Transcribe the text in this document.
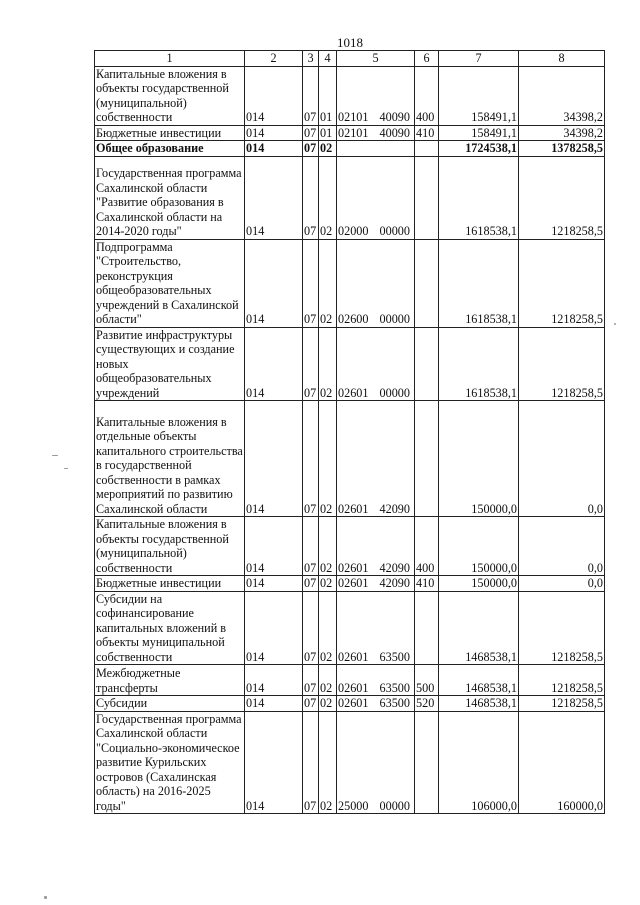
1018
1	2	3	4	5	6	7	8
Капитальные вложения в объекты государственной (муниципальной) собственности	014	07	01	02101 40090	400	158491,1	34398,2
Бюджетные инвестиции	014	07	01	02101 40090	410	158491,1	34398,2
Общее образование	014	07	02			1724538,1	1378258,5
Государственная программа Сахалинской области "Развитие образования в Сахалинской области на 2014-2020 годы"	014	07	02	02000 00000		1618538,1	1218258,5
Подпрограмма "Строительство, реконструкция общеобразовательных учреждений в Сахалинской области"	014	07	02	02600 00000		1618538,1	1218258,5
Развитие инфраструктуры существующих и создание новых общеобразовательных учреждений	014	07	02	02601 00000		1618538,1	1218258,5
Капитальные вложения в отдельные объекты капитального строительства в государственной собственности в рамках мероприятий по развитию Сахалинской области	014	07	02	02601 42090		150000,0	0,0
Капитальные вложения в объекты государственной (муниципальной) собственности	014	07	02	02601 42090	400	150000,0	0,0
Бюджетные инвестиции	014	07	02	02601 42090	410	150000,0	0,0
Субсидии на софинансирование капитальных вложений в объекты муниципальной собственности	014	07	02	02601 63500		1468538,1	1218258,5
Межбюджетные трансферты	014	07	02	02601 63500	500	1468538,1	1218258,5
Субсидии	014	07	02	02601 63500	520	1468538,1	1218258,5
Государственная программа Сахалинской области "Социально-экономическое развитие Курильских островов (Сахалинская область) на 2016-2025 годы"	014	07	02	25000 00000		106000,0	160000,0
